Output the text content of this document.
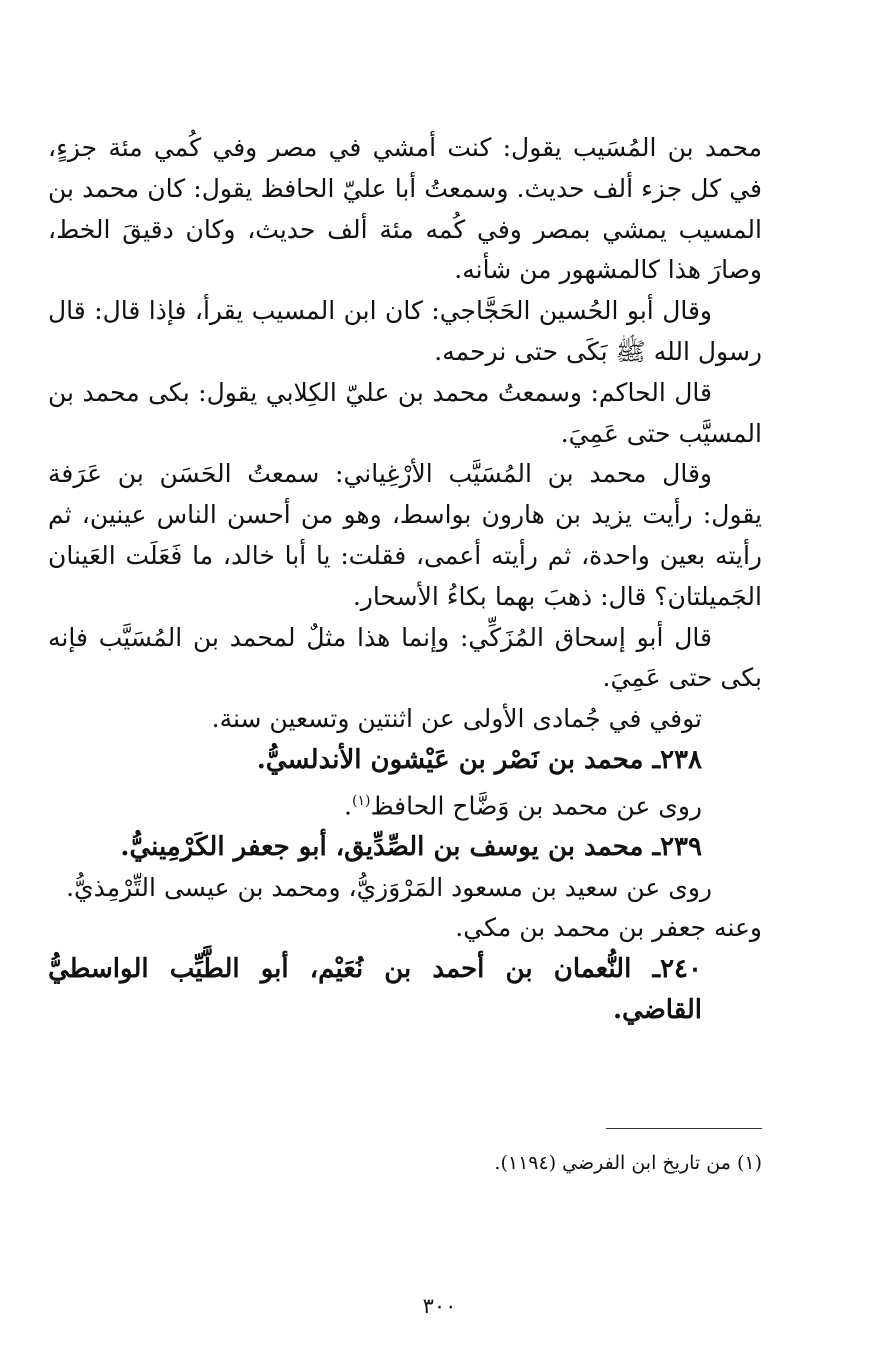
محمد بن المُسَيب يقول: كنت أمشي في مصر وفي كُمي مئة جزءٍ، في كل جزء ألف حديث. وسمعتُ أبا عليّ الحافظ يقول: كان محمد بن المسيب يمشي بمصر وفي كُمه مئة ألف حديث، وكان دقيقَ الخط، وصارَ هذا كالمشهور من شأنه.

وقال أبو الحُسين الحَجَّاجي: كان ابن المسيب يقرأ، فإذا قال: قال رسول الله ﷺ بَكَى حتى نرحمه.

قال الحاكم: وسمعتُ محمد بن عليّ الكِلابي يقول: بكى محمد بن المسيَّب حتى عَمِيَ.

وقال محمد بن المُسَيَّب الأرْغِياني: سمعتُ الحَسَن بن عَرَفة يقول: رأيت يزيد بن هارون بواسط، وهو من أحسن الناس عينين، ثم رأيته بعين واحدة، ثم رأيته أعمى، فقلت: يا أبا خالد، ما فَعَلَت العَينان الجَميلتان؟ قال: ذهبَ بهما بكاءُ الأسحار.

قال أبو إسحاق المُزَكِّي: وإنما هذا مثلٌ لمحمد بن المُسَيَّب فإنه بكى حتى عَمِيَ.

توفي في جُمادى الأولى عن اثنتين وتسعين سنة.

٢٣٨ـ محمد بن نَصْر بن عَيْشون الأندلسيُّ.

روى عن محمد بن وَضَّاح الحافظ$^{(١)}$.

٢٣٩ـ محمد بن يوسف بن الصِّدِّيق، أبو جعفر الكَرْمِينيُّ.

روى عن سعيد بن مسعود المَرْوَزيُّ، ومحمد بن عيسى التِّرْمِذيُّ.

وعنه جعفر بن محمد بن مكي.

٢٤٠ـ النُّعمان بن أحمد بن نُعَيْم، أبو الطَّيِّب الواسطيُّ القاضي.

(١) من تاريخ ابن الفرضي (١١٩٤).
٣٠٠
